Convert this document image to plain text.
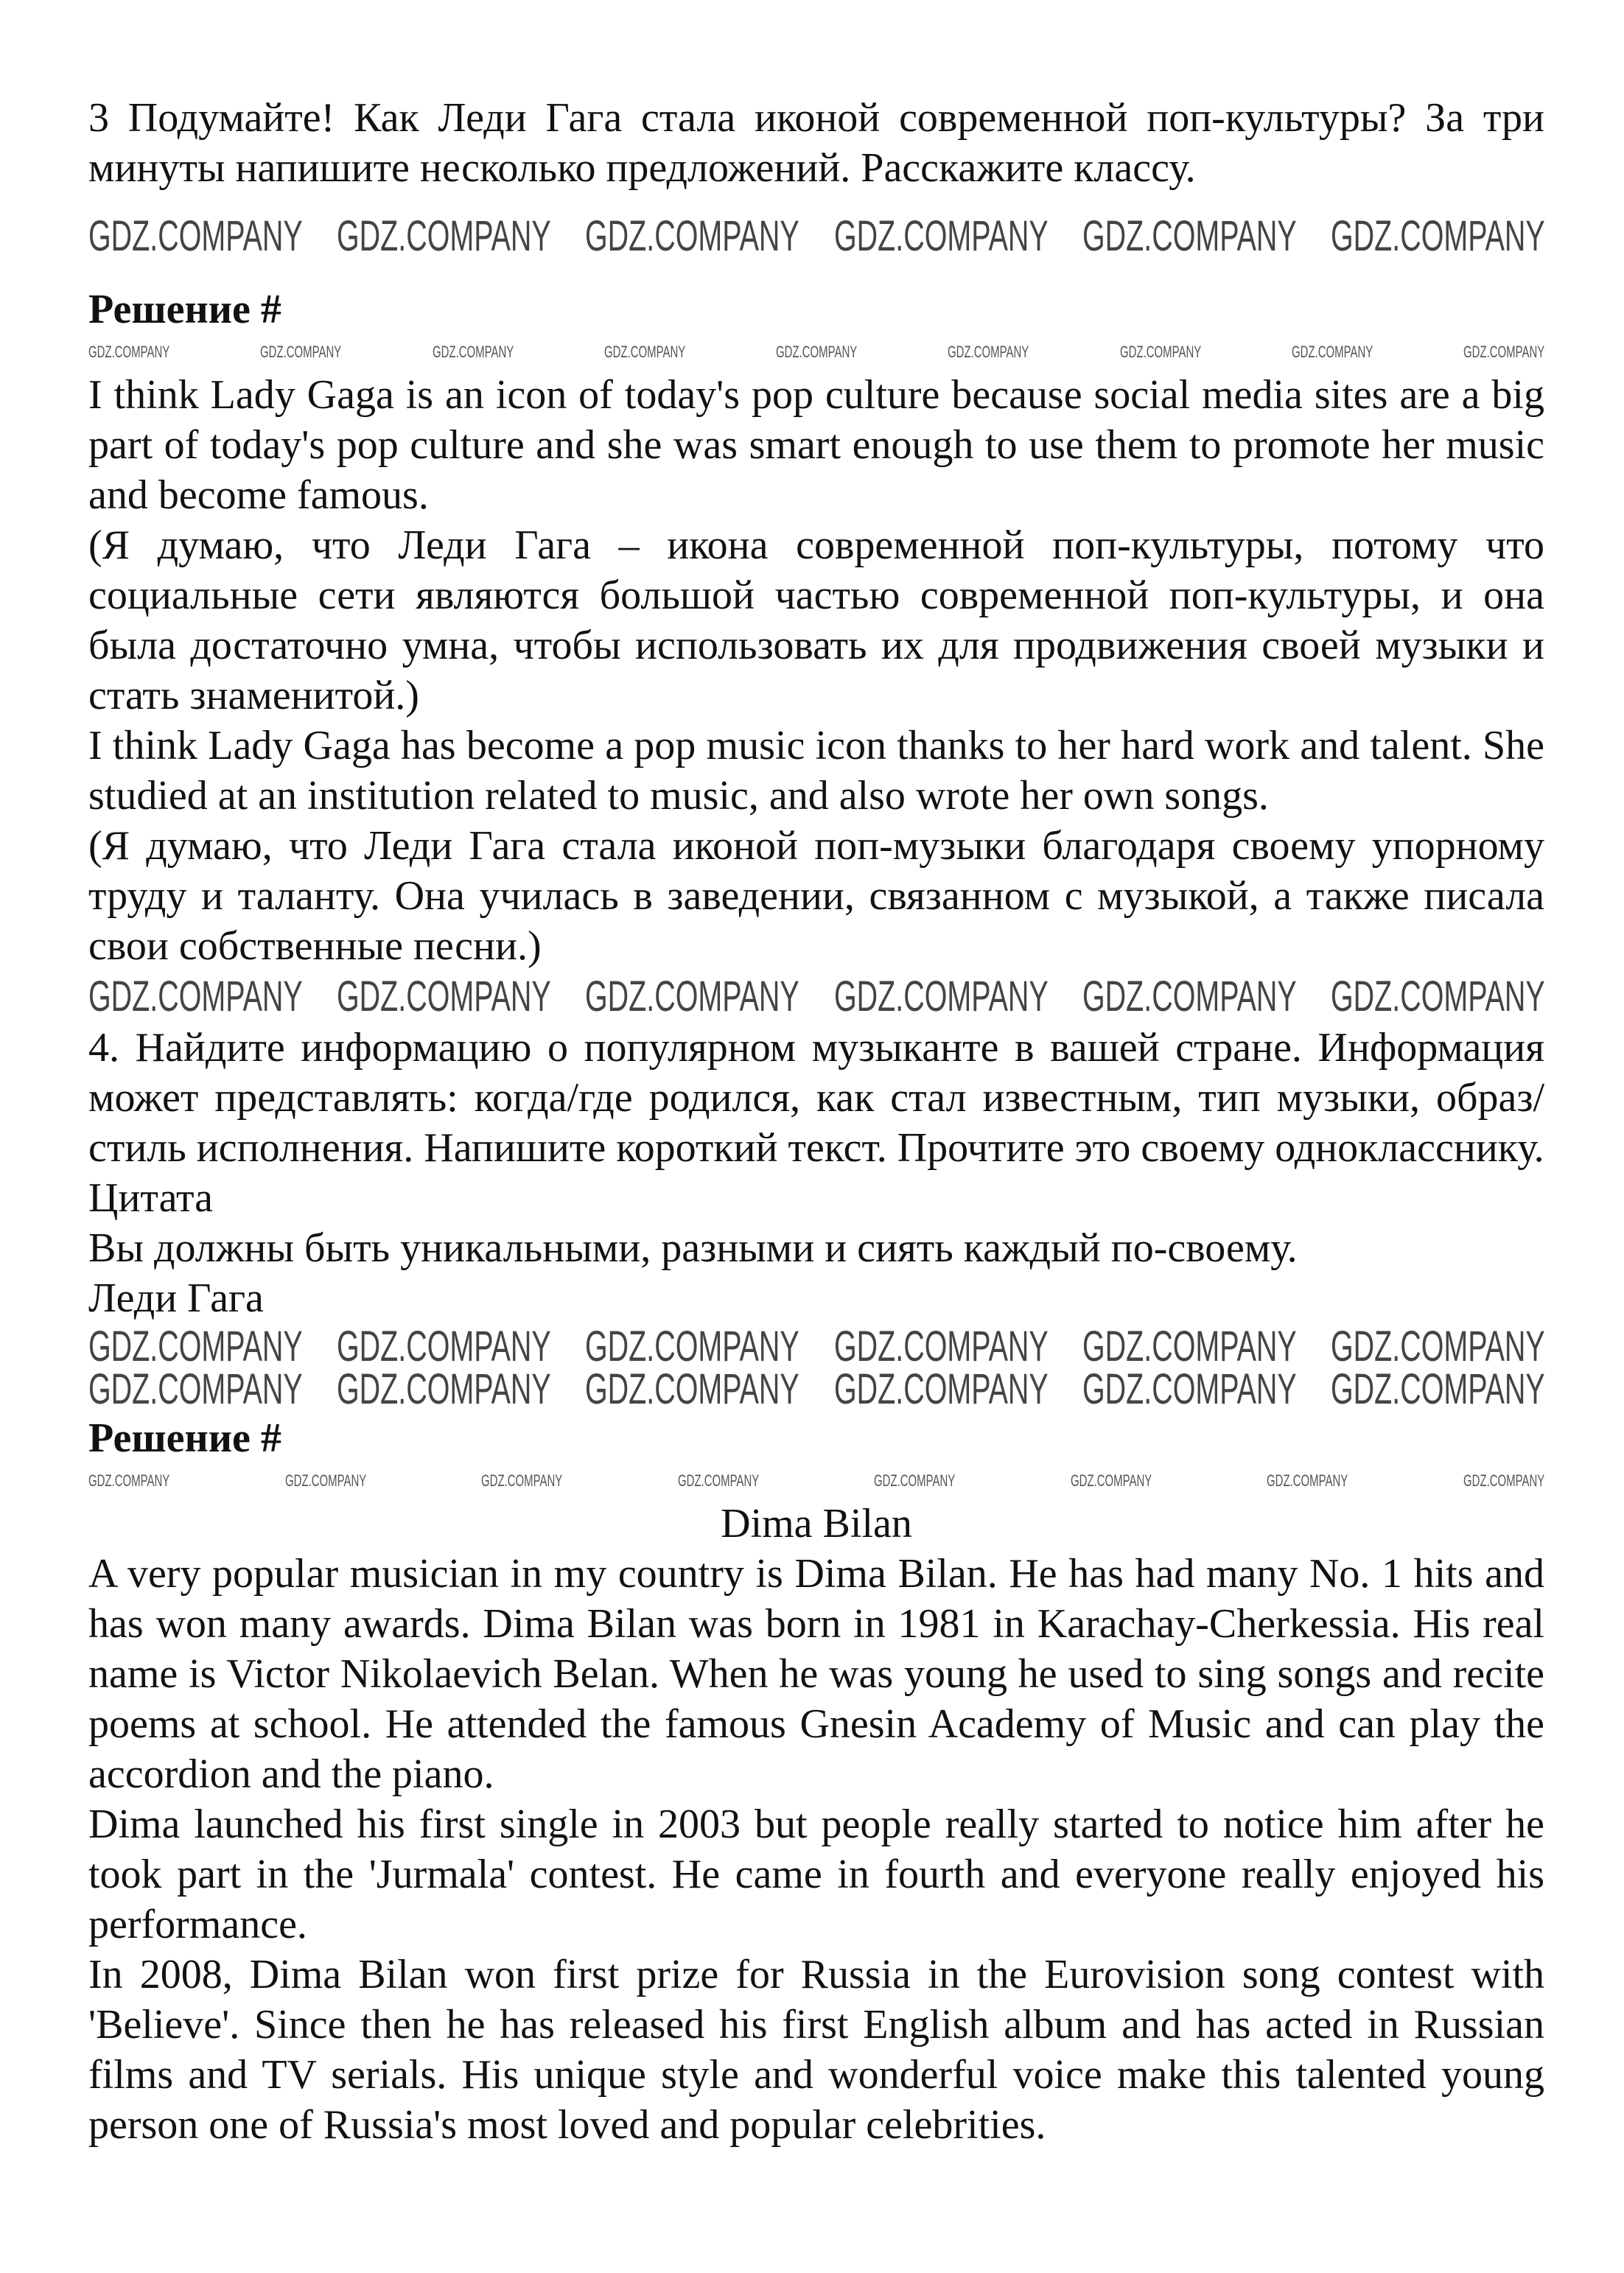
3 Подумайте! Как Леди Гага стала иконой современной поп-культуры? За три минуты напишите несколько предложений. Расскажите классу.

GDZ.COMPANY GDZ.COMPANY GDZ.COMPANY GDZ.COMPANY GDZ.COMPANY GDZ.COMPANY
Решение #
GDZ.COMPANY	GDZ.COMPANY	GDZ.COMPANY	GDZ.COMPANY	GDZ.COMPANY	GDZ.COMPANY	GDZ.COMPANY	GDZ.COMPANY	GDZ.COMPANY

I think Lady Gaga is an icon of today's pop culture because social media sites are a big part of today's pop culture and she was smart enough to use them to promote her music and become famous.

(Я думаю, что Леди Гага – икона современной поп-культуры, потому что социальные сети являются большой частью современной поп-культуры, и она была достаточно умна, чтобы использовать их для продвижения своей музыки и стать знаменитой.)

I think Lady Gaga has become a pop music icon thanks to her hard work and talent. She studied at an institution related to music, and also wrote her own songs.

(Я думаю, что Леди Гага стала иконой поп-музыки благодаря своему упорному труду и таланту. Она училась в заведении, связанном с музыкой, а также писала свои собственные песни.)

GDZ.COMPANY GDZ.COMPANY GDZ.COMPANY GDZ.COMPANY GDZ.COMPANY GDZ.COMPANY

4. Найдите информацию о популярном музыканте в вашей стране. Информация может представлять: когда/где родился, как стал известным, тип музыки, образ/стиль исполнения. Напишите короткий текст. Прочтите это своему однокласснику.

Цитата

Вы должны быть уникальными, разными и сиять каждый по-своему.

Леди Гага

GDZ.COMPANY GDZ.COMPANY GDZ.COMPANY GDZ.COMPANY GDZ.COMPANY GDZ.COMPANY
GDZ.COMPANY GDZ.COMPANY GDZ.COMPANY GDZ.COMPANY GDZ.COMPANY GDZ.COMPANY
Решение #
GDZ.COMPANY	GDZ.COMPANY	GDZ.COMPANY	GDZ.COMPANY	GDZ.COMPANY	GDZ.COMPANY	GDZ.COMPANY	GDZ.COMPANY
Dima Bilan

A very popular musician in my country is Dima Bilan. He has had many No. 1 hits and has won many awards. Dima Bilan was born in 1981 in Karachay-Cherkessia. His real name is Victor Nikolaevich Belan. When he was young he used to sing songs and recite poems at school. He attended the famous Gnesin Academy of Music and can play the accordion and the piano.

Dima launched his first single in 2003 but people really started to notice him after he took part in the 'Jurmala' contest. He came in fourth and everyone really enjoyed his performance.

In 2008, Dima Bilan won first prize for Russia in the Eurovision song contest with 'Believe'. Since then he has released his first English album and has acted in Russian films and TV serials. His unique style and wonderful voice make this talented young person one of Russia's most loved and popular celebrities.
